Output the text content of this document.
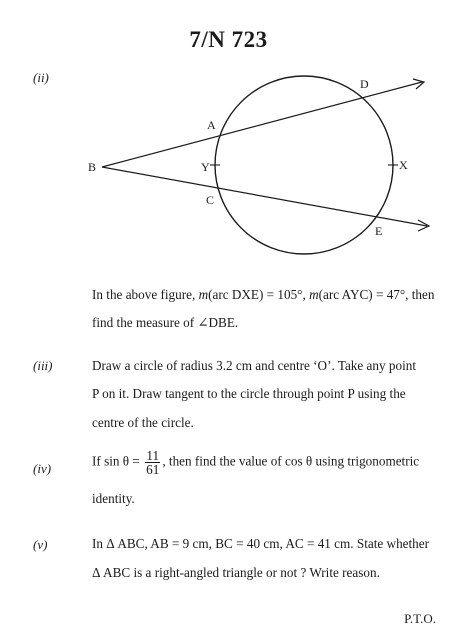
7/N 723
(ii)
B
A
D
Y	X
C
E
In the above figure, m(arc DXE) = 105°, m(arc AYC) = 47°, then
find the measure of ∠DBE.
(iii)	Draw a circle of radius 3.2 cm and centre ‘O’. Take any point
P on it. Draw tangent to the circle through point P using the
centre of the circle.
(iv)	If $\sin \theta = \frac{11}{61}$ , then find the value of cos θ using trigonometric
identity.
(v)	In Δ ABC, AB = 9 cm, BC = 40 cm, AC = 41 cm. State whether
Δ ABC is a right-angled triangle or not ? Write reason.
P.T.O.
